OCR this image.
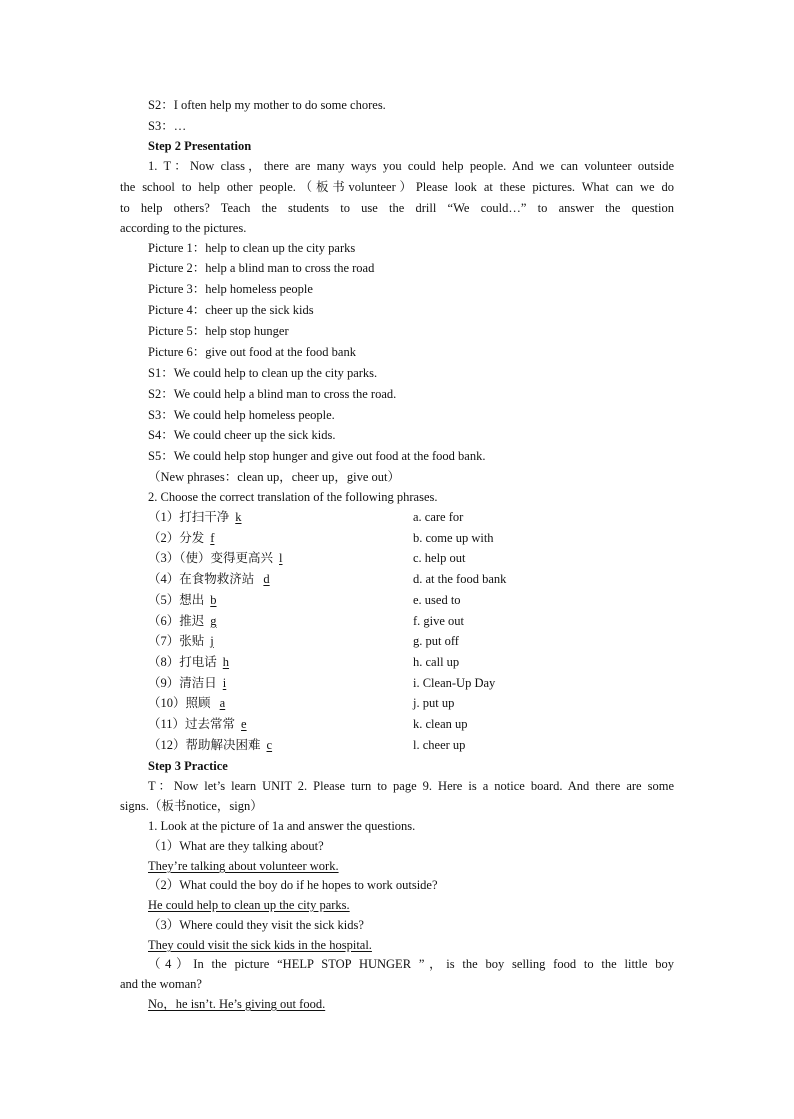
S2：I often help my mother to do some chores.
S3：…
Step 2 Presentation
1. T：Now class，there are many ways you could help people. And we can volunteer outside
the school to help other people.（板书volunteer）Please look at these pictures. What can we do
to help others? Teach the students to use the drill “We could…” to answer the question
according to the pictures.
Picture 1：help to clean up the city parks
Picture 2：help a blind man to cross the road
Picture 3：help homeless people
Picture 4：cheer up the sick kids
Picture 5：help stop hunger
Picture 6：give out food at the food bank
S1：We could help to clean up the city parks.
S2：We could help a blind man to cross the road.
S3：We could help homeless people.
S4：We could cheer up the sick kids.
S5：We could help stop hunger and give out food at the food bank.
（New phrases：clean up，cheer up，give out）
2. Choose the correct translation of the following phrases.
（1）打扫干净 k	a. care for
（2）分发 f	b. come up with
（3）（使）变得更高兴 l	c. help out
（4）在食物救济站 d	d. at the food bank
（5）想出 b	e. used to
（6）推迟 g	f. give out
（7）张贴 j	g. put off
（8）打电话 h	h. call up
（9）清洁日 i	i. Clean-Up Day
（10）照顾 a	j. put up
（11）过去常常 e	k. clean up
（12）帮助解决困难 c	l. cheer up
Step 3 Practice
T：Now let’s learn UNIT 2. Please turn to page 9. Here is a notice board. And there are some
signs.（板书notice，sign）
1. Look at the picture of 1a and answer the questions.
（1）What are they talking about?
They’re talking about volunteer work.
（2）What could the boy do if he hopes to work outside?
He could help to clean up the city parks.
（3）Where could they visit the sick kids?
They could visit the sick kids in the hospital.
（4）In the picture “HELP STOP HUNGER ”，is the boy selling food to the little boy
and the woman?
No，he isn’t. He’s giving out food.
